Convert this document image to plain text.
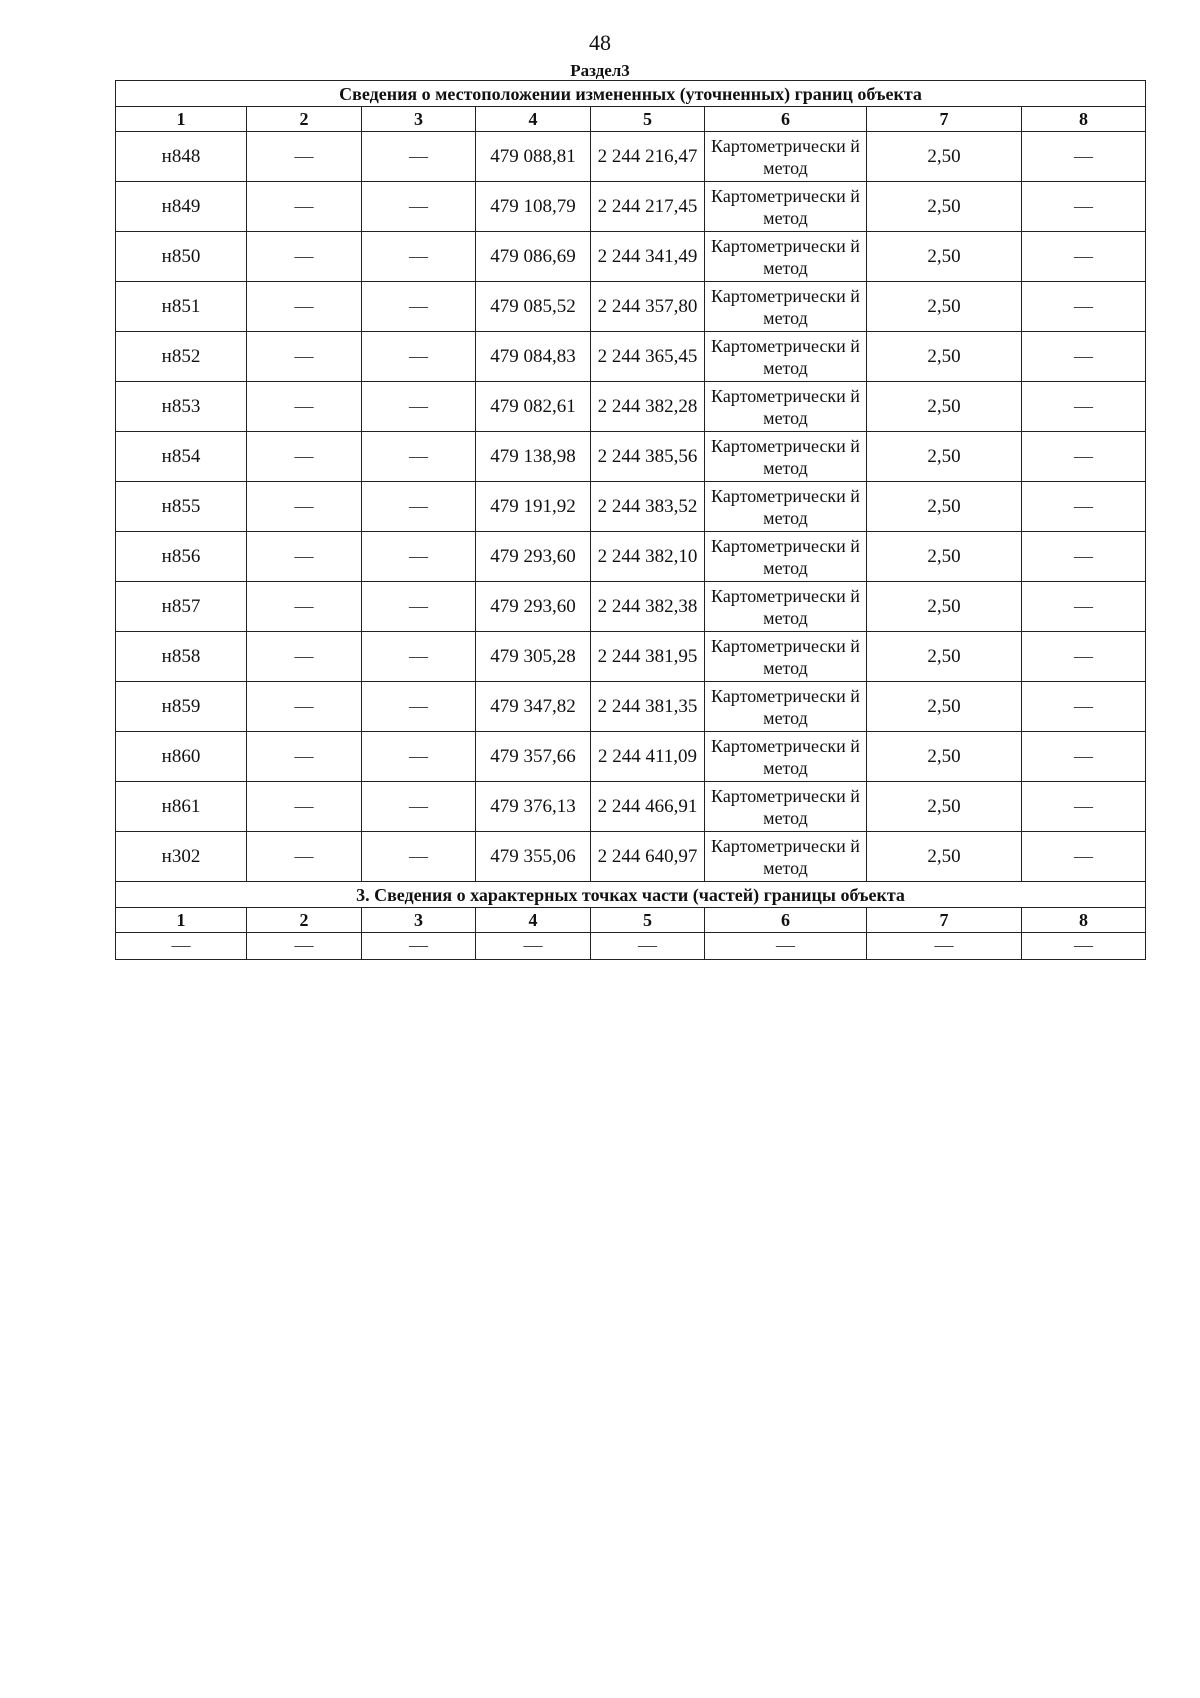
48
Раздел3
Сведения о местоположении измененных (уточненных) границ объекта							
1	2	3	4	5	6	7	8
н848	—	—	479 088,81	2 244 216,47	Картометрически й метод	2,50	—
н849	—	—	479 108,79	2 244 217,45	Картометрически й метод	2,50	—
н850	—	—	479 086,69	2 244 341,49	Картометрически й метод	2,50	—
н851	—	—	479 085,52	2 244 357,80	Картометрически й метод	2,50	—
н852	—	—	479 084,83	2 244 365,45	Картометрически й метод	2,50	—
н853	—	—	479 082,61	2 244 382,28	Картометрически й метод	2,50	—
н854	—	—	479 138,98	2 244 385,56	Картометрически й метод	2,50	—
н855	—	—	479 191,92	2 244 383,52	Картометрически й метод	2,50	—
н856	—	—	479 293,60	2 244 382,10	Картометрически й метод	2,50	—
н857	—	—	479 293,60	2 244 382,38	Картометрически й метод	2,50	—
н858	—	—	479 305,28	2 244 381,95	Картометрически й метод	2,50	—
н859	—	—	479 347,82	2 244 381,35	Картометрически й метод	2,50	—
н860	—	—	479 357,66	2 244 411,09	Картометрически й метод	2,50	—
н861	—	—	479 376,13	2 244 466,91	Картометрически й метод	2,50	—
н302	—	—	479 355,06	2 244 640,97	Картометрически й метод	2,50	—
3. Сведения о характерных точках части (частей) границы объекта							
1	2	3	4	5	6	7	8
—	—	—	—	—	—	—	—
